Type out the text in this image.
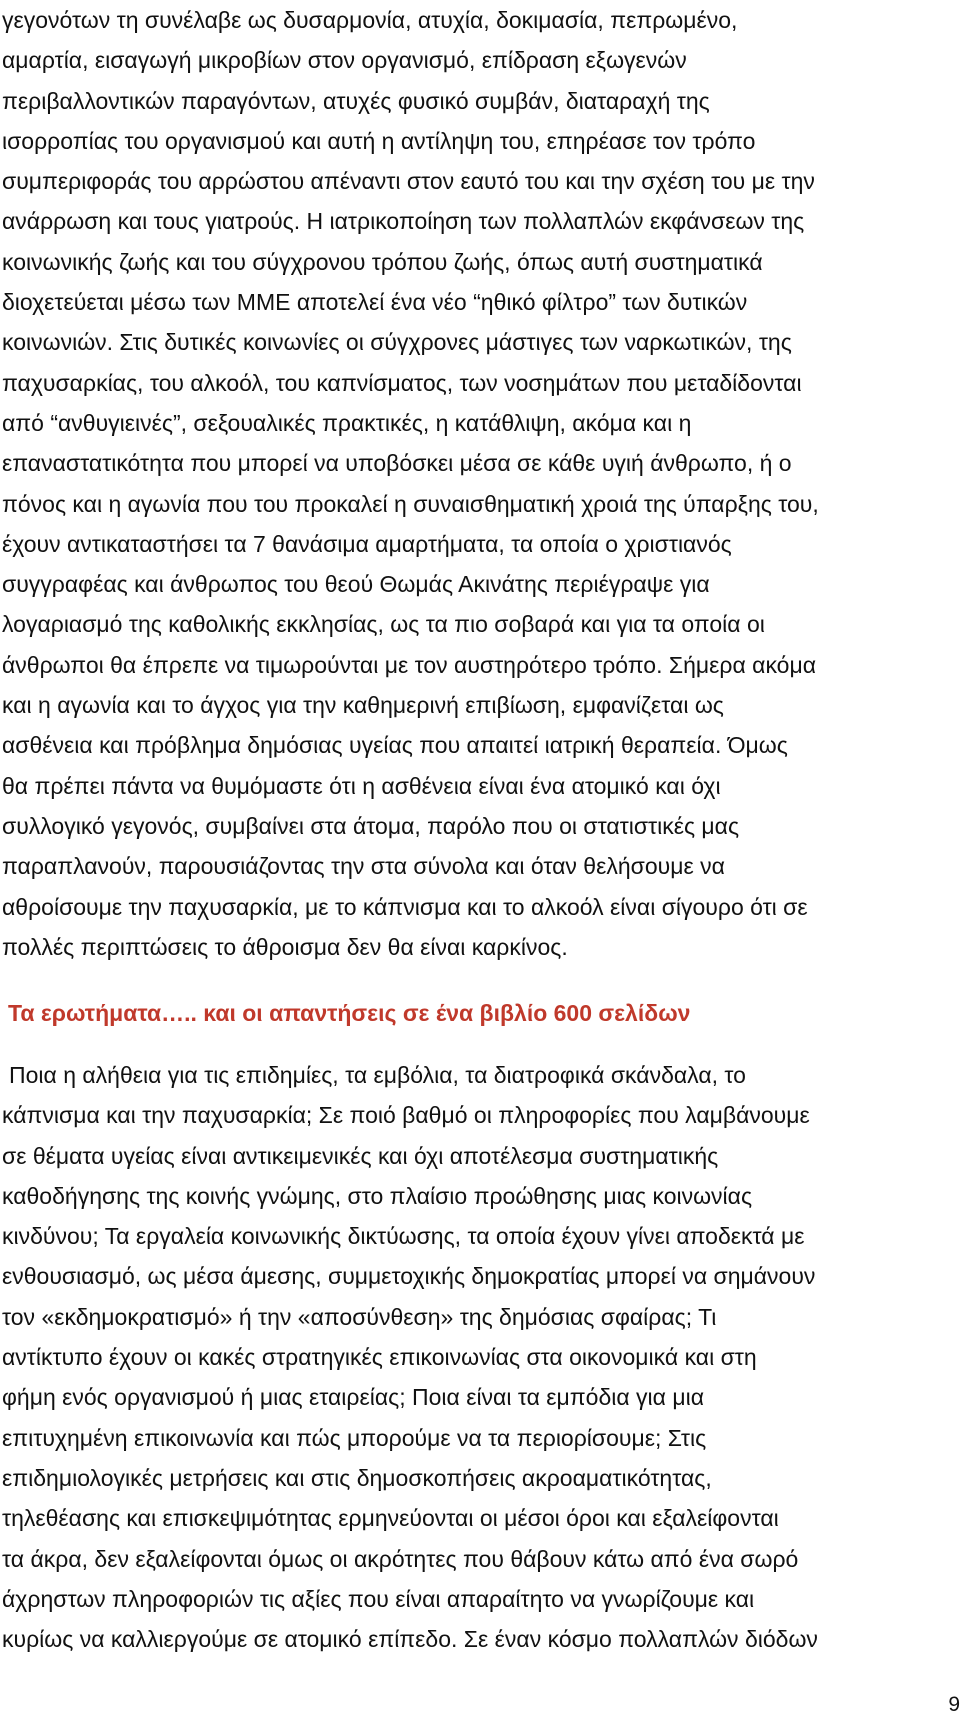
γεγονότων τη συνέλαβε ως δυσαρμονία, ατυχία, δοκιμασία, πεπρωμένο,
αμαρτία, εισαγωγή μικροβίων στον οργανισμό, επίδραση εξωγενών
περιβαλλοντικών παραγόντων, ατυχές φυσικό συμβάν, διαταραχή της
ισορροπίας του οργανισμού και αυτή η αντίληψη του, επηρέασε τον τρόπο
συμπεριφοράς του αρρώστου απέναντι στον εαυτό του και την σχέση του με την
ανάρρωση και τους γιατρούς. Η ιατρικοποίηση των πολλαπλών εκφάνσεων της
κοινωνικής ζωής και του σύγχρονου τρόπου ζωής, όπως αυτή συστηματικά
διοχετεύεται μέσω των ΜΜΕ αποτελεί ένα νέο “ηθικό φίλτρο” των δυτικών
κοινωνιών. Στις δυτικές κοινωνίες οι σύγχρονες μάστιγες των ναρκωτικών, της
παχυσαρκίας, του αλκοόλ, του καπνίσματος, των νοσημάτων που μεταδίδονται
από “ανθυγιεινές”, σεξουαλικές πρακτικές, η κατάθλιψη, ακόμα και η
επαναστατικότητα που μπορεί να υποβόσκει μέσα σε κάθε υγιή άνθρωπο, ή ο
πόνος και η αγωνία που του προκαλεί η συναισθηματική χροιά της ύπαρξης του,
έχουν αντικαταστήσει τα 7 θανάσιμα αμαρτήματα, τα οποία ο χριστιανός
συγγραφέας και άνθρωπος του θεού Θωμάς Ακινάτης περιέγραψε για
λογαριασμό της καθολικής εκκλησίας, ως τα πιο σοβαρά και για τα οποία οι
άνθρωποι θα έπρεπε να τιμωρούνται με τον αυστηρότερο τρόπο. Σήμερα ακόμα
και η αγωνία και το άγχος για την καθημερινή επιβίωση, εμφανίζεται ως
ασθένεια και πρόβλημα δημόσιας υγείας που απαιτεί ιατρική θεραπεία. Όμως
θα πρέπει πάντα να θυμόμαστε ότι η ασθένεια είναι ένα ατομικό και όχι
συλλογικό γεγονός, συμβαίνει στα άτομα, παρόλο που οι στατιστικές μας
παραπλανούν, παρουσιάζοντας την στα σύνολα και όταν θελήσουμε να
αθροίσουμε την παχυσαρκία, με το κάπνισμα και το αλκοόλ είναι σίγουρο ότι σε
πολλές περιπτώσεις το άθροισμα δεν θα είναι καρκίνος.
Τα ερωτήματα….. και οι απαντήσεις σε ένα βιβλίο 600 σελίδων
Ποια η αλήθεια για τις επιδημίες, τα εμβόλια, τα διατροφικά σκάνδαλα, το
κάπνισμα και την παχυσαρκία; Σε ποιό βαθμό οι πληροφορίες που λαμβάνουμε
σε θέματα υγείας είναι αντικειμενικές και όχι αποτέλεσμα συστηματικής
καθοδήγησης της κοινής γνώμης, στο πλαίσιο προώθησης μιας κοινωνίας
κινδύνου; Τα εργαλεία κοινωνικής δικτύωσης, τα οποία έχουν γίνει αποδεκτά με
ενθουσιασμό, ως μέσα άμεσης, συμμετοχικής δημοκρατίας μπορεί να σημάνουν
τον «εκδημοκρατισμό» ή την «αποσύνθεση» της δημόσιας σφαίρας; Τι
αντίκτυπο έχουν οι κακές στρατηγικές επικοινωνίας στα οικονομικά και στη
φήμη ενός οργανισμού ή μιας εταιρείας; Ποια είναι τα εμπόδια για μια
επιτυχημένη επικοινωνία και πώς μπορούμε να τα περιορίσουμε; Στις
επιδημιολογικές μετρήσεις και στις δημοσκοπήσεις ακροαματικότητας,
τηλεθέασης και επισκεψιμότητας ερμηνεύονται οι μέσοι όροι και εξαλείφονται
τα άκρα, δεν εξαλείφονται όμως οι ακρότητες που θάβουν κάτω από ένα σωρό
άχρηστων πληροφοριών τις αξίες που είναι απαραίτητο να γνωρίζουμε και
κυρίως να καλλιεργούμε σε ατομικό επίπεδο. Σε έναν κόσμο πολλαπλών διόδων
9
